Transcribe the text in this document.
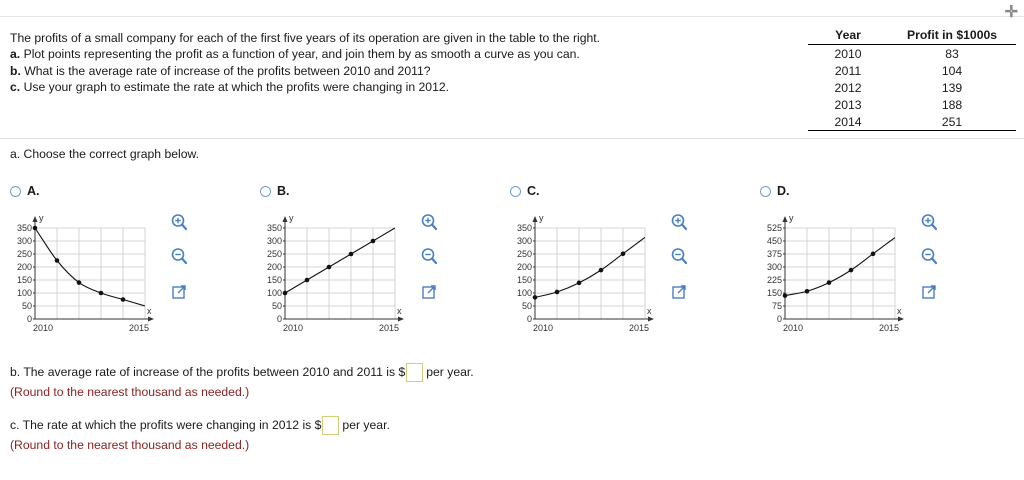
✛
The profits of a small company for each of the first five years of its operation are given in the table to the right.
a. Plot points representing the profit as a function of year, and join them by as smooth a curve as you can.
b. What is the average rate of increase of the profits between 2010 and 2011?
c. Use your graph to estimate the rate at which the profits were changing in 2012.
Year	Profit in $1000s
2010	83
2011	104
2012	139
2013	188
2014	251
a. Choose the correct graph below.
A.
y
x
350
300
250
200
150
100
50
0
2010	2015
B.
y
x
350
300
250
200
150
100
50
0
2010	2015
C.
y
x
350
300
250
200
150
100
50
0
2010	2015
D.
y
x
525
450
375
300
225
150
75
0
2010	2015
b. The average rate of increase of the profits between 2010 and 2011 is $ per year.
(Round to the nearest thousand as needed.)
c. The rate at which the profits were changing in 2012 is $ per year.
(Round to the nearest thousand as needed.)
